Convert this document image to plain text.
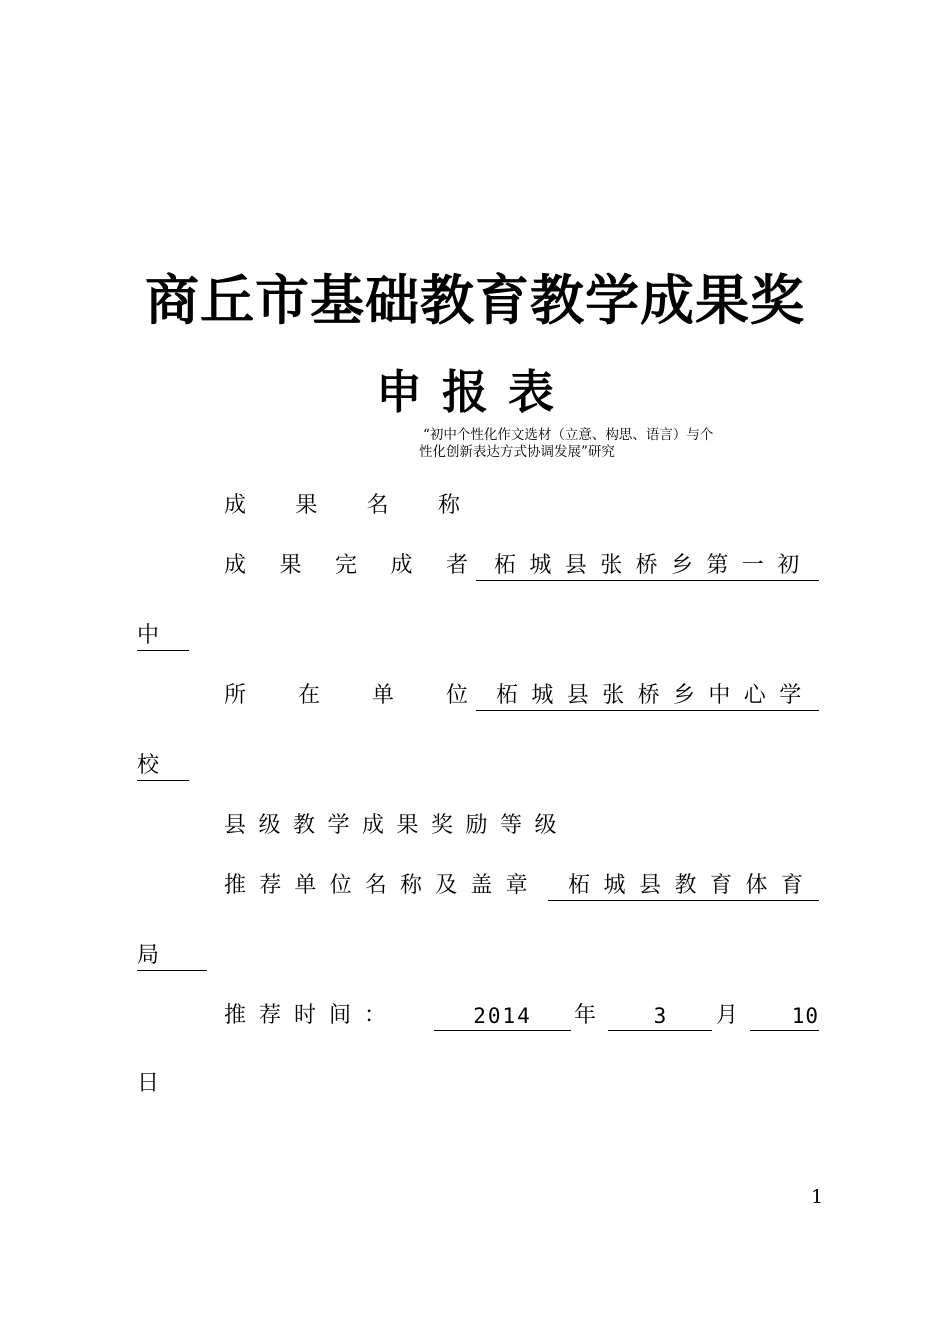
商丘市基础教育教学成果奖
申报表
“初中个性化作文选材（立意、构思、语言）与个
性化创新表达方式协调发展”研究
成 果 名 称
成 果 完 成 者	柘城县张桥乡第一初
中
所 在 单 位	柘城县张桥乡中心学
校
县级教学成果奖励等级
推荐单位名称及盖章	柘城县教育体育
局
推荐时间：	2014	年	3	月	10
日
1
